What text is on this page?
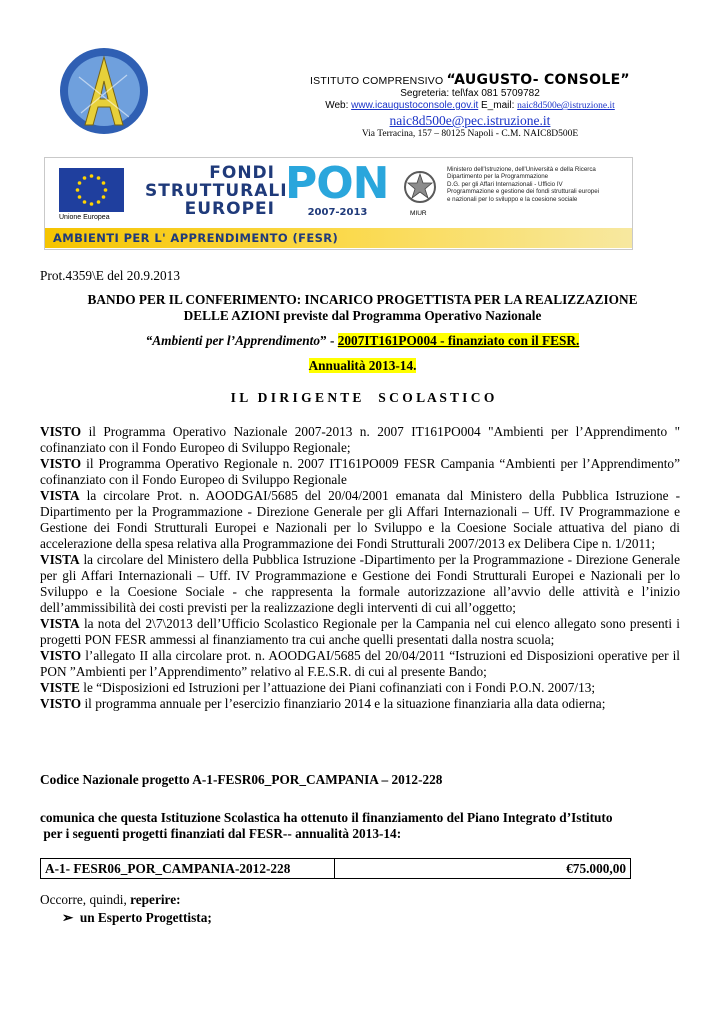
ISTITUTO COMPRENSIVO “AUGUSTO- CONSOLE”
Segreteria: tel\fax 081 5709782
Web: www.icaugustoconsole.gov.it E_mail: naic8d500e@istruzione.it
naic8d500e@pec.istruzione.it
Via Terracina, 157 – 80125 Napoli - C.M. NAIC8D500E
Unione Europea
FONDI
STRUTTURALI
EUROPEI PON
2007-2013	MIUR
Ministero dell'Istruzione, dell'Università e della Ricerca
Dipartimento per la Programmazione
D.G. per gli Affari Internazionali - Ufficio IV
Programmazione e gestione dei fondi strutturali europei
e nazionali per lo sviluppo e la coesione sociale
AMBIENTI PER L' APPRENDIMENTO (FESR)
Prot.4359\E del 20.9.2013
BANDO PER IL CONFERIMENTO: INCARICO PROGETTISTA PER LA REALIZZAZIONE
DELLE AZIONI previste dal Programma Operativo Nazionale
“Ambienti per l’Apprendimento” - 2007IT161PO004 - finanziato con il FESR.
Annualità 2013-14.
I L   D I R I G E N T E     S C O L A S T I C O
VISTO il Programma Operativo Nazionale 2007-2013 n. 2007 IT161PO004 "Ambienti per l’Apprendimento " cofinanziato con il Fondo Europeo di Sviluppo Regionale;
VISTO il Programma Operativo Regionale n. 2007 IT161PO009 FESR Campania “Ambienti per l’Apprendimento” cofinanziato con il Fondo Europeo di Sviluppo Regionale
VISTA la circolare Prot. n. AOODGAI/5685 del 20/04/2001 emanata dal Ministero della Pubblica Istruzione - Dipartimento per la Programmazione - Direzione Generale per gli Affari Internazionali – Uff. IV Programmazione e Gestione dei Fondi Strutturali Europei e Nazionali per lo Sviluppo e la Coesione Sociale attuativa del piano di accelerazione della spesa relativa alla Programmazione dei Fondi Strutturali 2007/2013 ex Delibera Cipe n. 1/2011;
VISTA la circolare del Ministero della Pubblica Istruzione -Dipartimento per la Programmazione - Direzione Generale per gli Affari Internazionali – Uff. IV Programmazione e Gestione dei Fondi Strutturali Europei e Nazionali per lo Sviluppo e la Coesione Sociale - che rappresenta la formale autorizzazione all’avvio delle attività e l’inizio dell’ammissibilità dei costi previsti per la realizzazione degli interventi di cui all’oggetto;
VISTA la nota del 2\7\2013 dell’Ufficio Scolastico Regionale per la Campania nel cui elenco allegato sono presenti i progetti PON FESR ammessi al finanziamento tra cui anche quelli presentati dalla nostra scuola;
VISTO l’allegato II alla circolare prot. n. AOODGAI/5685 del 20/04/2011 “Istruzioni ed Disposizioni operative per il PON ”Ambienti per l’Apprendimento” relativo al F.E.S.R. di cui al presente Bando;
VISTE le “Disposizioni ed Istruzioni per l’attuazione dei Piani cofinanziati con i Fondi P.O.N. 2007/13;
VISTO il programma annuale per l’esercizio finanziario 2014 e la situazione finanziaria alla data odierna;
Codice Nazionale progetto A-1-FESR06_POR_CAMPANIA – 2012-228
comunica che questa Istituzione Scolastica ha ottenuto il finanziamento del Piano Integrato d’Istituto
per i seguenti progetti finanziati dal FESR-- annualità 2013-14:
A-1- FESR06_POR_CAMPANIA-2012-228	€75.000,00
Occorre, quindi, reperire:
➢ un Esperto Progettista;
